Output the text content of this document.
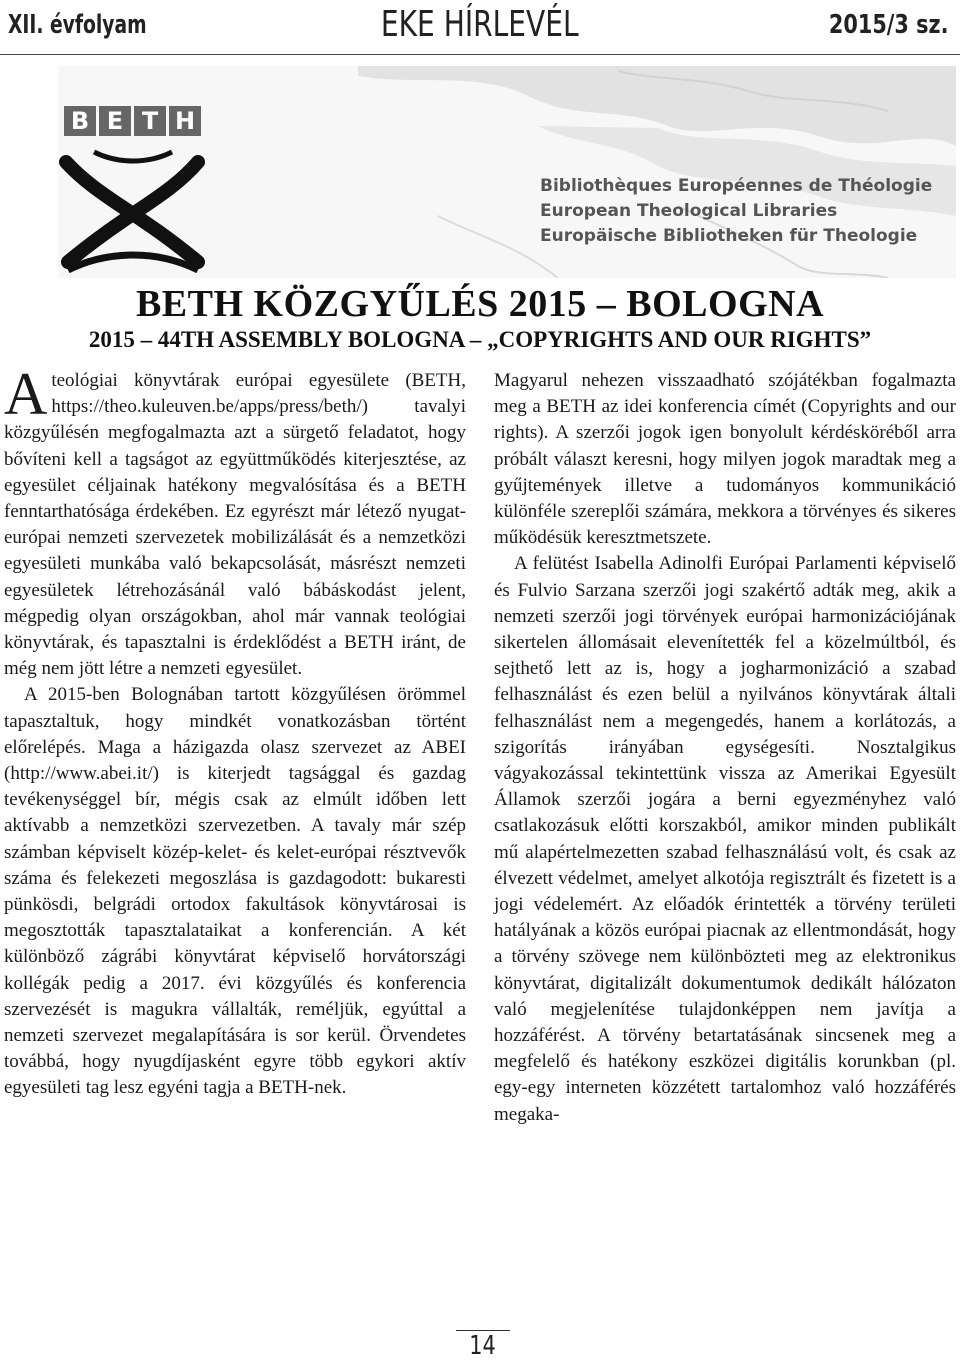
XII. évfolyam	EKE HÍRLEVÉL	2015/3 sz.
B E T H
Bibliothèques Européennes de Théologie
European Theological Libraries
Europäische Bibliotheken für Theologie
BETH KÖZGYŰLÉS 2015 – BOLOGNA
2015 – 44TH ASSEMBLY BOLOGNA – „COPYRIGHTS AND OUR RIGHTS”

Ateológiai könyvtárak európai egyesülete (BETH, https://theo.kuleuven.be/apps/press/beth/) tavalyi közgyűlésén megfogalmazta azt a sürgető feladatot, hogy bővíteni kell a tagságot az együttműködés kiterjesztése, az egyesület céljainak hatékony megvalósítása és a BETH fenntarthatósága érdekében. Ez egyrészt már létező nyugat-európai nemzeti szervezetek mobilizálását és a nemzetközi egyesületi munkába való bekapcsolását, másrészt nemzeti egyesületek létrehozásánál való bábáskodást jelent, mégpedig olyan országokban, ahol már vannak teológiai könyvtárak, és tapasztalni is érdeklődést a BETH iránt, de még nem jött létre a nemzeti egyesület.

A 2015-ben Bolognában tartott közgyűlésen örömmel tapasztaltuk, hogy mindkét vonatkozásban történt előrelépés. Maga a házigazda olasz szervezet az ABEI (http://www.abei.it/) is kiterjedt tagsággal és gazdag tevékenységgel bír, mégis csak az elmúlt időben lett aktívabb a nemzetközi szervezetben. A tavaly már szép számban képviselt közép-kelet- és kelet-európai résztvevők száma és felekezeti megoszlása is gazdagodott: bukaresti pünkösdi, belgrádi ortodox fakultások könyvtárosai is megosztották tapasztalataikat a konferencián. A két különböző zágrábi könyvtárat képviselő horvátországi kollégák pedig a 2017. évi közgyűlés és konferencia szervezését is magukra vállalták, reméljük, egyúttal a nemzeti szervezet megalapítására is sor kerül. Örvendetes továbbá, hogy nyugdíjasként egyre több egykori aktív egyesületi tag lesz egyéni tagja a BETH-nek.

Magyarul nehezen visszaadható szójátékban fogalmazta meg a BETH az idei konferencia címét (Copyrights and our rights). A szerzői jogok igen bonyolult kérdésköréből arra próbált választ keresni, hogy milyen jogok maradtak meg a gyűjtemények illetve a tudományos kommunikáció különféle szereplői számára, mekkora a törvényes és sikeres működésük keresztmetszete.

A felütést Isabella Adinolfi Európai Parlamenti képviselő és Fulvio Sarzana szerzői jogi szakértő adták meg, akik a nemzeti szerzői jogi törvények európai harmonizációjának sikertelen állomásait elevenítették fel a közelmúltból, és sejthető lett az is, hogy a jogharmonizáció a szabad felhasználást és ezen belül a nyilvános könyvtárak általi felhasználást nem a megengedés, hanem a korlátozás, a szigorítás irányában egységesíti. Nosztalgikus vágyakozással tekintettünk vissza az Amerikai Egyesült Államok szerzői jogára a berni egyezményhez való csatlakozásuk előtti korszakból, amikor minden publikált mű alapértelmezetten szabad felhasználású volt, és csak az élvezett védelmet, amelyet alkotója regisztrált és fizetett is a jogi védelemért. Az előadók érintették a törvény területi hatályának a közös európai piacnak az ellentmondását, hogy a törvény szövege nem különbözteti meg az elektronikus könyvtárat, digitalizált dokumentumok dedikált hálózaton való megjelenítése tulajdonképpen nem javítja a hozzáférést. A törvény betartatásának sincsenek meg a megfelelő és hatékony eszközei digitális korunkban (pl. egy-egy interneten közzétett tartalomhoz való hozzáférés megaka-

14
